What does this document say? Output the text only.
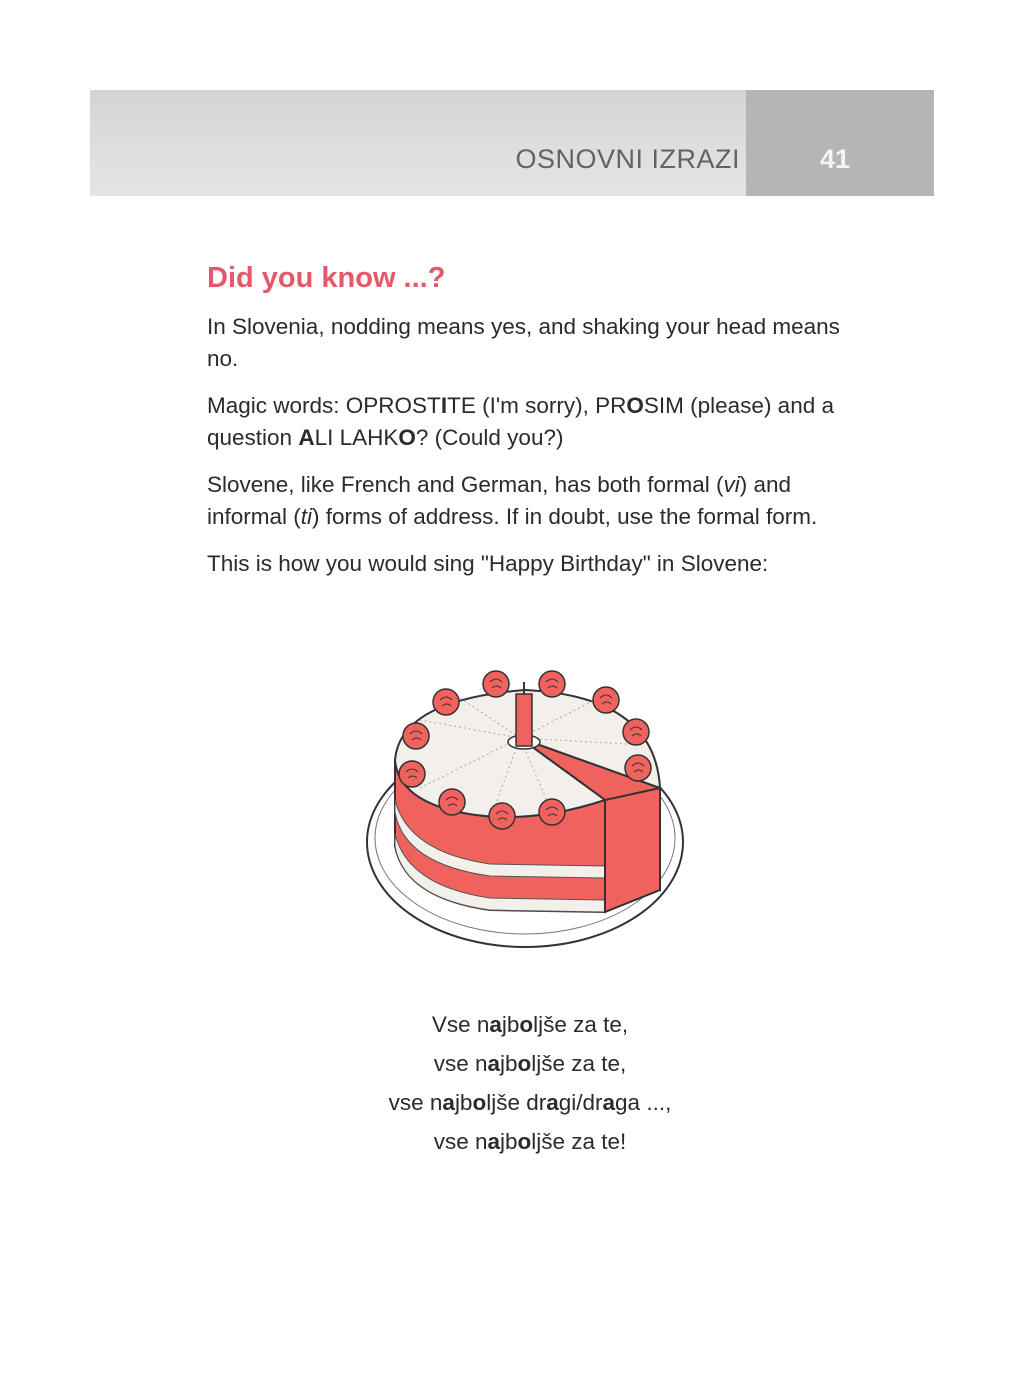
OSNOVNI IZRAZI	41
Did you know ...?

In Slovenia, nodding means yes, and shaking your head means no.

Magic words: OPROSTITE (I'm sorry), PROSIM (please) and a question ALI LAHKO? (Could you?)

Slovene, like French and German, has both formal (vi) and informal (ti) forms of address. If in doubt, use the formal form.

This is how you would sing "Happy Birthday" in Slovene:

Vse najboljše za te,
vse najboljše za te,
vse najboljše dragi/draga ...,
vse najboljše za te!
